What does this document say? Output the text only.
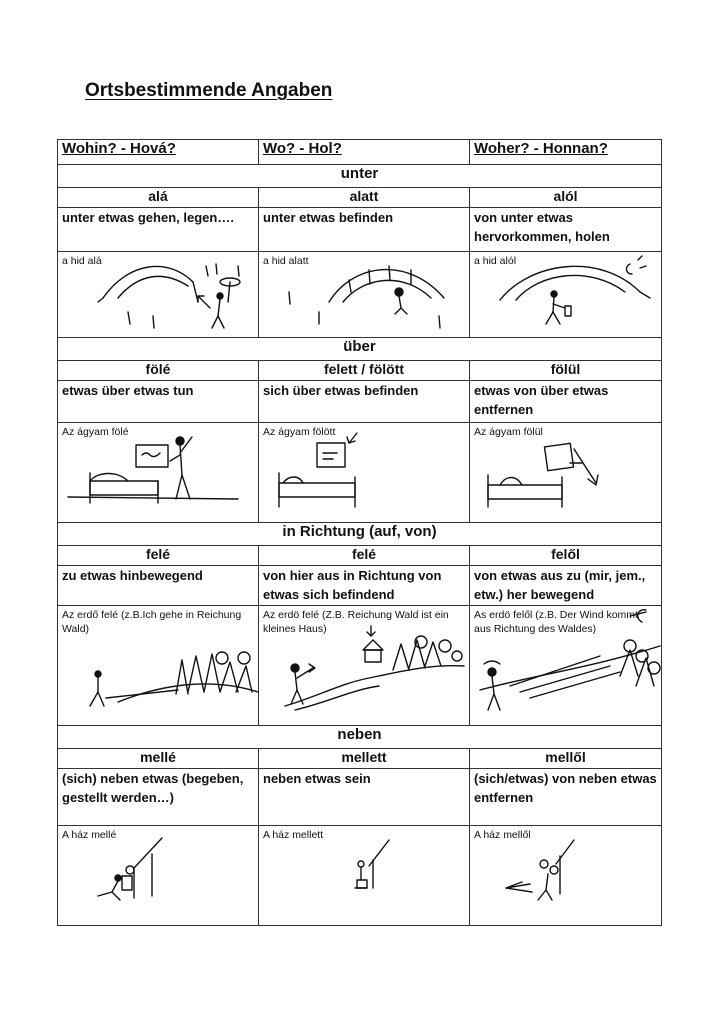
Ortsbestimmende Angaben
Wohin? - Hová?	Wo? - Hol?	Woher? - Honnan?
unter		
alá	alatt	alól
unter etwas gehen, legen….	unter etwas befinden	von unter etwas hervorkommen, holen

a hid alá	a hid alatt	a hid alól

über		
fölé	felett / fölött	fölül
etwas über etwas tun	sich über etwas befinden	etwas von über etwas entfernen

Az ágyam fölé	Az ágyam fölött	Az ágyam fölül

in Richtung (auf, von)		
felé	felé	felől
zu etwas hinbewegend	von hier aus in Richtung von etwas sich befindend	von etwas aus zu (mir, jem., etw.) her bewegend

Az erdő felé (z.B.Ich gehe in Reichung Wald)	Az erdö felé (Z.B. Reichung Wald ist ein kleines Haus)	As erdö felől (z.B. Der Wind kommt aus Richtung des Waldes)

neben		
mellé	mellett	mellől
(sich) neben etwas (begeben, gestellt werden…)	neben etwas sein	(sich/etwas) von neben etwas entfernen

A ház mellé	A ház mellett	A ház mellől
